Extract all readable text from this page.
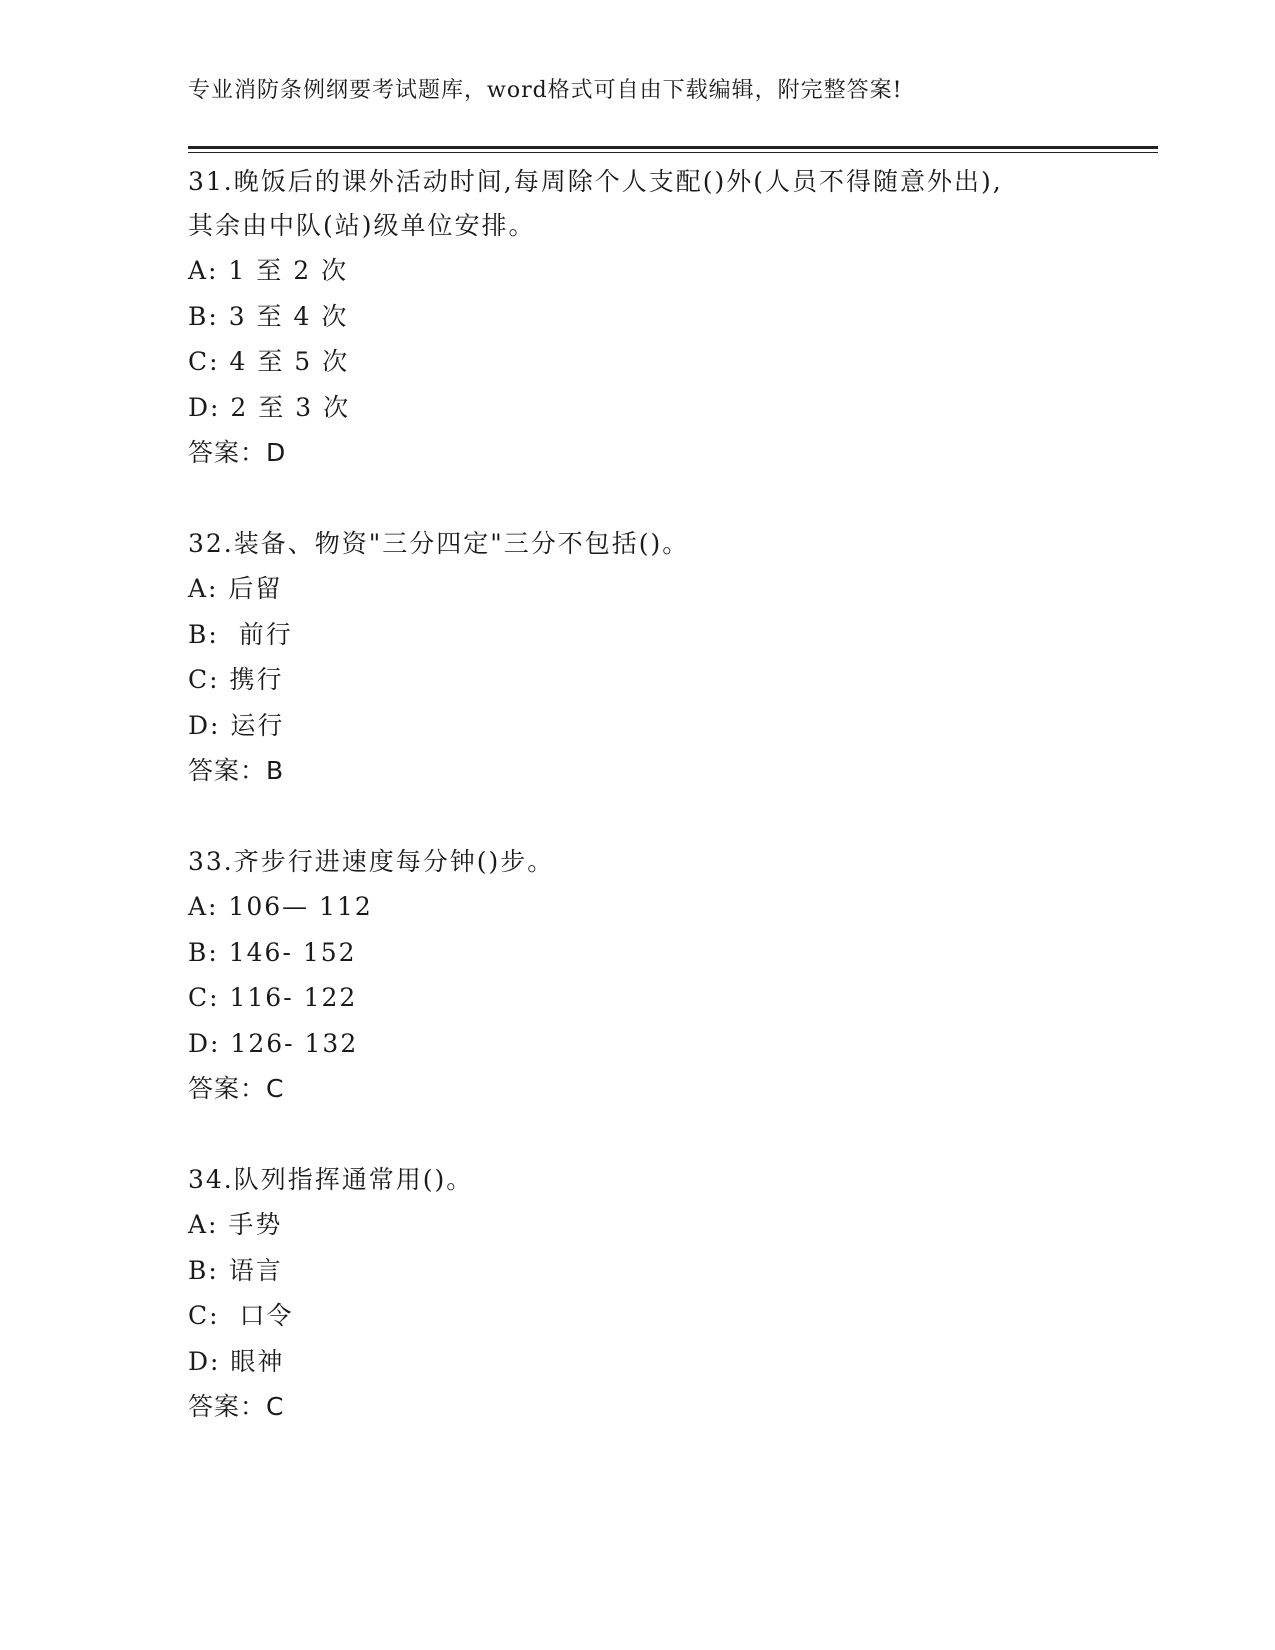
专业消防条例纲要考试题库，word格式可自由下载编辑，附完整答案!

31.晚饭后的课外活动时间,每周除个人支配()外(人员不得随意外出),

其余由中队(站)级单位安排。

A: 1 至 2 次
B: 3 至 4 次
C: 4 至 5 次
D: 2 至 3 次
答案：D

32.装备、物资"三分四定"三分不包括()。

A: 后留
B:  前行
C: 携行
D: 运行
答案：B

33.齐步行进速度每分钟()步。

A: 106— 112
B: 146- 152
C: 116- 122
D: 126- 132
答案：C

34.队列指挥通常用()。

A: 手势
B: 语言
C:  口令
D: 眼神
答案：C
